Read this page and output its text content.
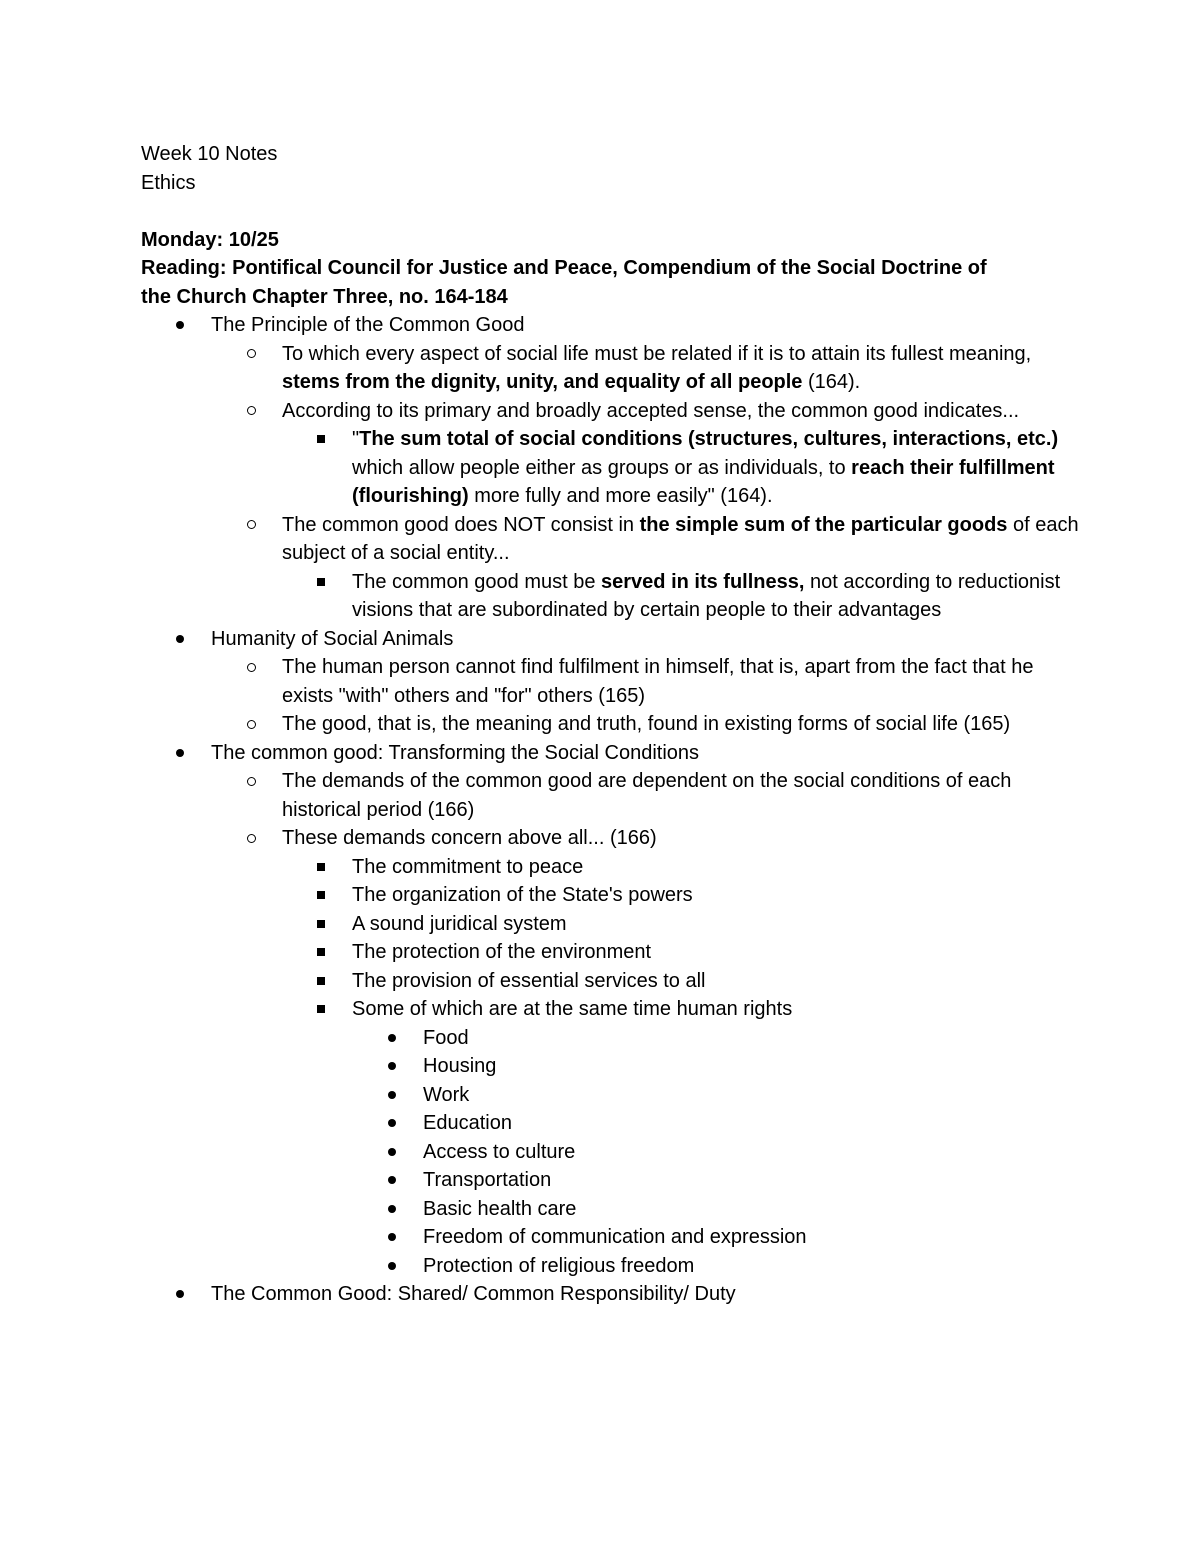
Week 10 Notes

Ethics

Monday: 10/25

Reading: Pontifical Council for Justice and Peace, Compendium of the Social Doctrine of

the Church Chapter Three, no. 164-184

The Principle of the Common Good
To which every aspect of social life must be related if it is to attain its fullest meaning, stems from the dignity, unity, and equality of all people (164).
According to its primary and broadly accepted sense, the common good indicates...
"The sum total of social conditions (structures, cultures, interactions, etc.) which allow people either as groups or as individuals, to reach their fulfillment (flourishing) more fully and more easily" (164).
The common good does NOT consist in the simple sum of the particular goods of each subject of a social entity...
The common good must be served in its fullness, not according to reductionist visions that are subordinated by certain people to their advantages
Humanity of Social Animals
The human person cannot find fulfilment in himself, that is, apart from the fact that he exists "with" others and "for" others (165)
The good, that is, the meaning and truth, found in existing forms of social life (165)
The common good: Transforming the Social Conditions
The demands of the common good are dependent on the social conditions of each historical period (166)
These demands concern above all... (166)
The commitment to peace
The organization of the State's powers
A sound juridical system
The protection of the environment
The provision of essential services to all
Some of which are at the same time human rights
Food
Housing
Work
Education
Access to culture
Transportation
Basic health care
Freedom of communication and expression
Protection of religious freedom
The Common Good: Shared/ Common Responsibility/ Duty
